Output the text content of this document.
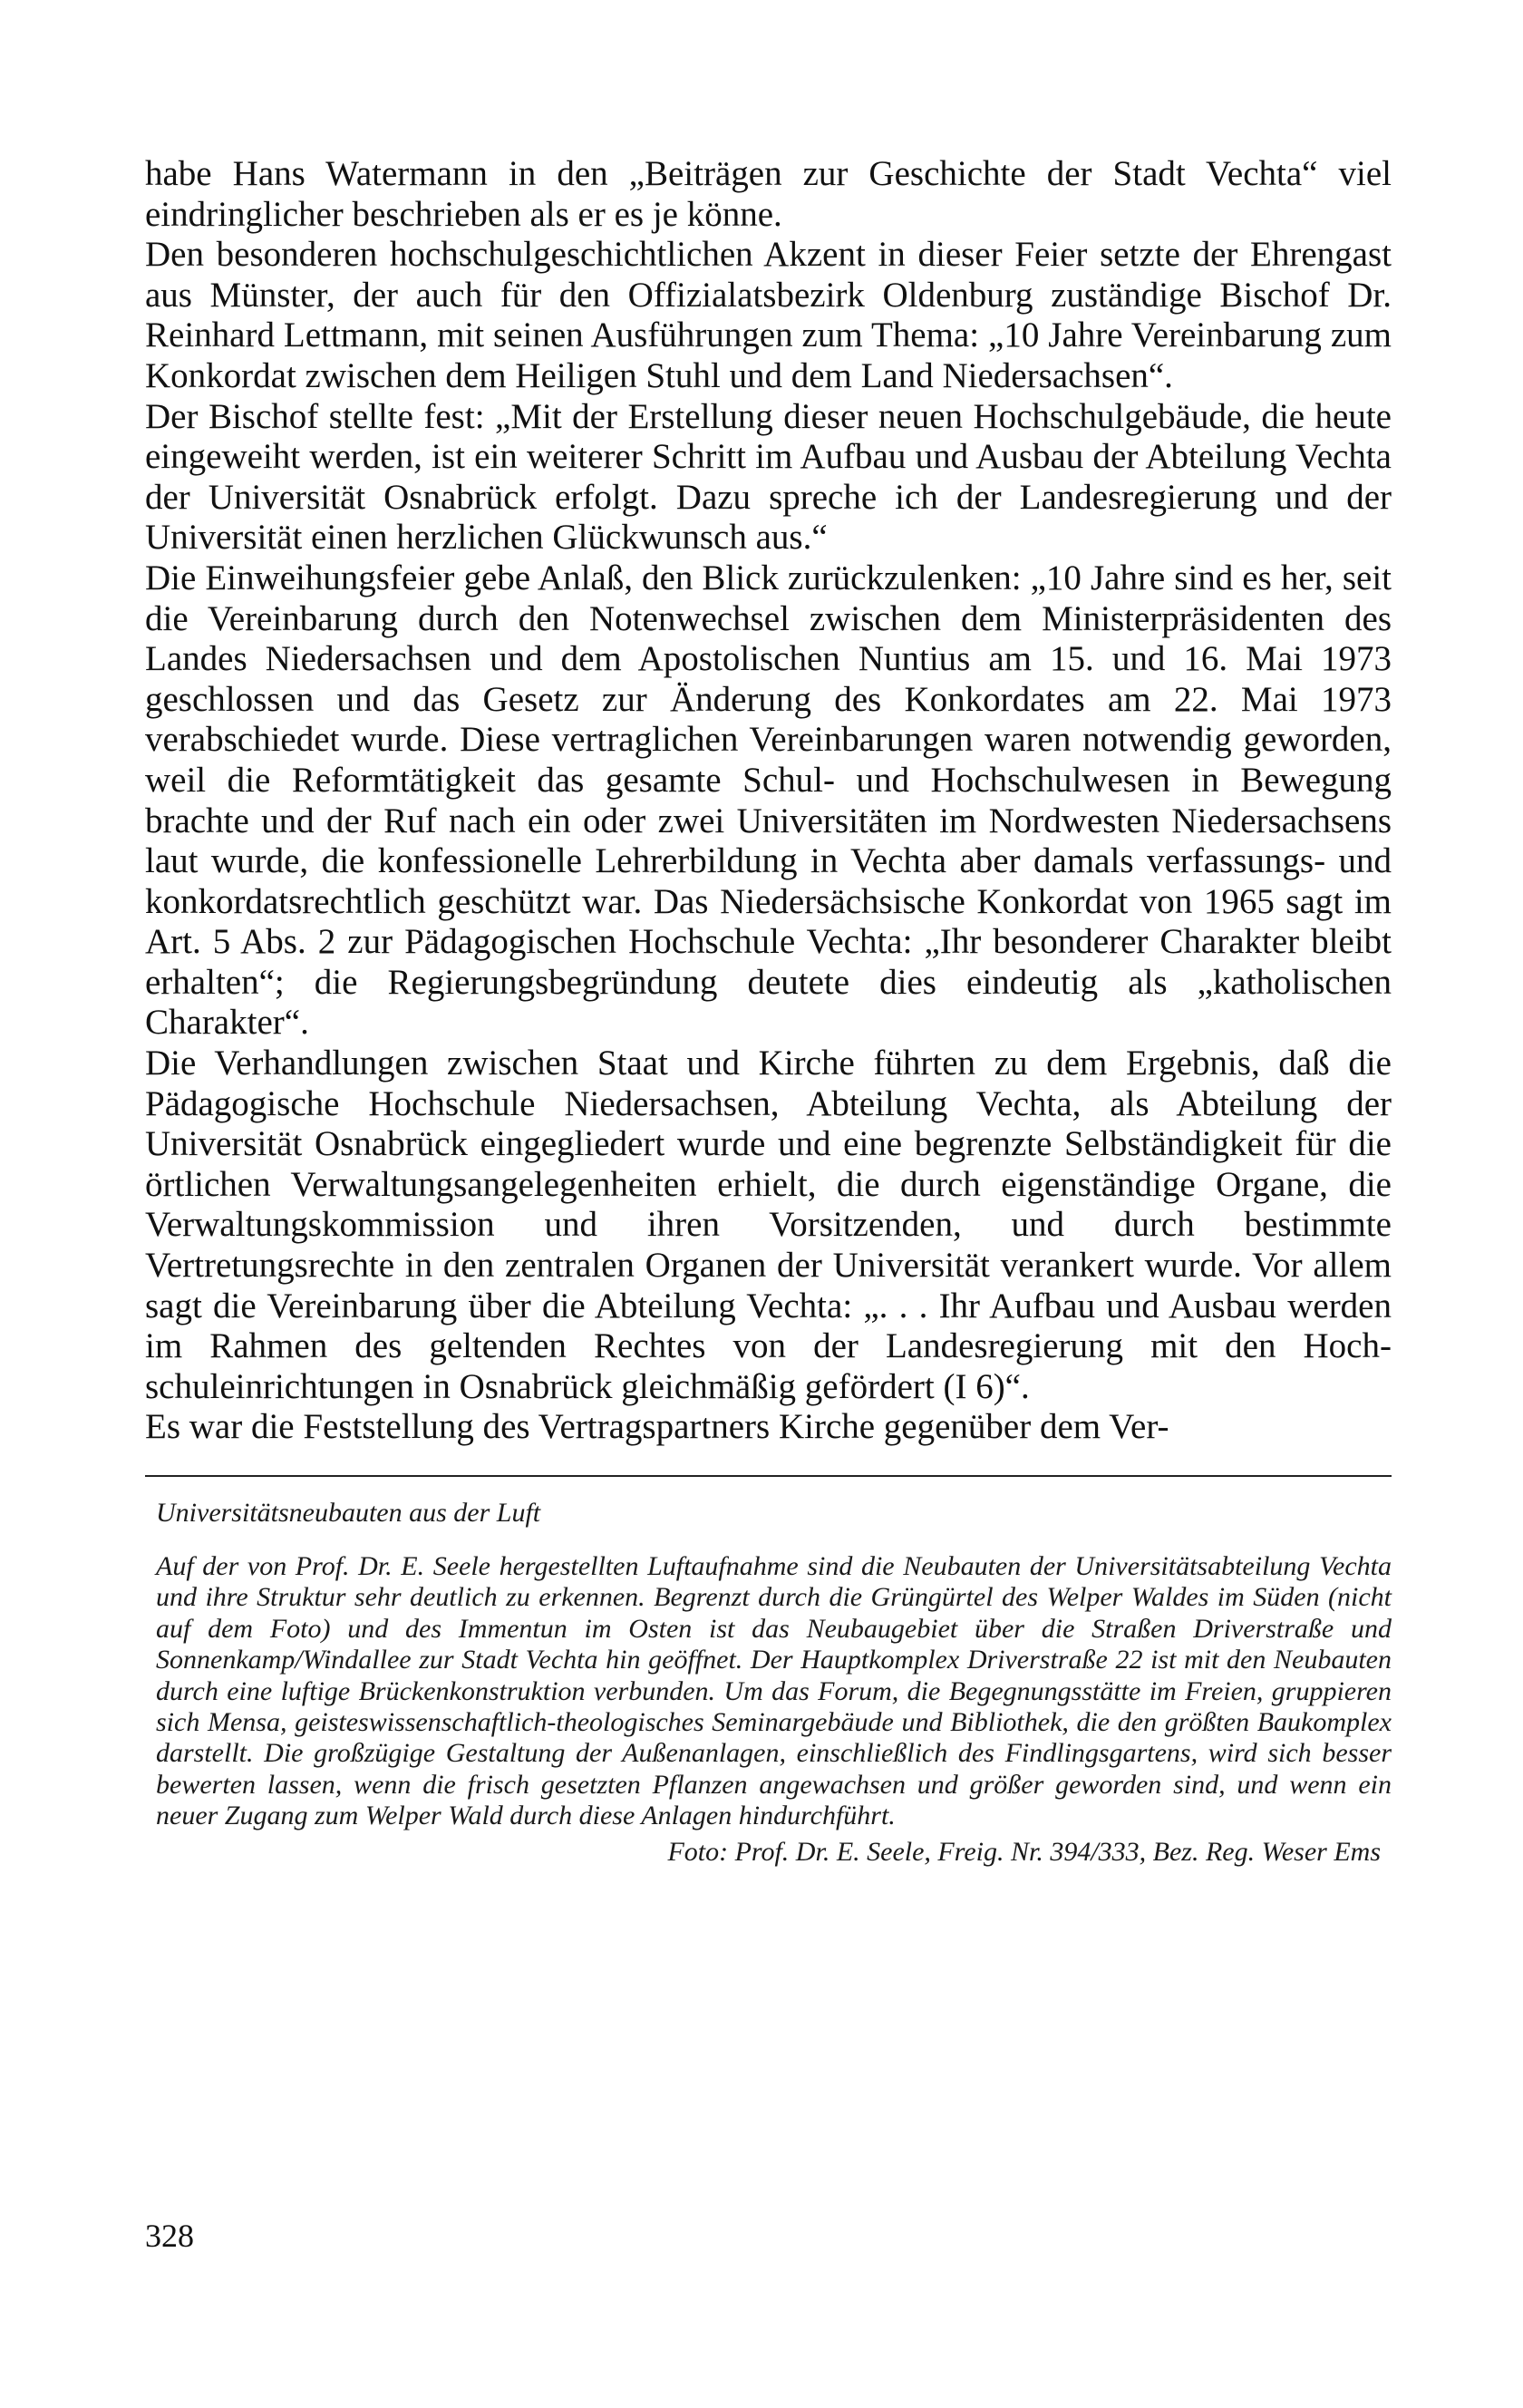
habe Hans Watermann in den „Beiträgen zur Geschichte der Stadt Vechta“ viel eindringlicher beschrieben als er es je könne.

Den besonderen hochschulgeschichtlichen Akzent in dieser Feier setzte der Ehrengast aus Münster, der auch für den Offizialatsbezirk Oldenburg zuständige Bischof Dr. Reinhard Lettmann, mit seinen Ausführungen zum Thema: „10 Jahre Vereinbarung zum Konkordat zwischen dem Heiligen Stuhl und dem Land Niedersachsen“.

Der Bischof stellte fest: „Mit der Erstellung dieser neuen Hochschulgebäude, die heute eingeweiht werden, ist ein weiterer Schritt im Aufbau und Ausbau der Abteilung Vechta der Universität Osnabrück erfolgt. Dazu spreche ich der Landesregierung und der Universität einen herzlichen Glückwunsch aus.“

Die Einweihungsfeier gebe Anlaß, den Blick zurückzulenken: „10 Jahre sind es her, seit die Vereinbarung durch den Notenwechsel zwischen dem Ministerpräsidenten des Landes Niedersachsen und dem Apostolischen Nuntius am 15. und 16. Mai 1973 geschlossen und das Gesetz zur Änderung des Konkordates am 22. Mai 1973 verabschiedet wurde. Diese vertraglichen Vereinbarungen waren notwendig geworden, weil die Reformtätigkeit das gesamte Schul- und Hochschulwesen in Bewegung brachte und der Ruf nach ein oder zwei Universitäten im Nordwesten Niedersachsens laut wurde, die konfessionelle Lehrerbildung in Vechta aber damals verfassungs- und konkordatsrechtlich geschützt war. Das Niedersächsische Konkordat von 1965 sagt im Art. 5 Abs. 2 zur Pädagogischen Hochschule Vechta: „Ihr besonderer Charakter bleibt erhalten“; die Regierungsbegründung deutete dies eindeutig als „katholischen Charakter“.

Die Verhandlungen zwischen Staat und Kirche führten zu dem Ergebnis, daß die Pädagogische Hochschule Niedersachsen, Abteilung Vechta, als Abteilung der Universität Osnabrück eingegliedert wurde und eine begrenzte Selbständigkeit für die örtlichen Verwaltungsangelegenheiten erhielt, die durch eigenständige Organe, die Verwaltungskommission und ihren Vorsitzenden, und durch bestimmte Vertretungsrechte in den zentralen Organen der Universität verankert wurde. Vor allem sagt die Vereinbarung über die Abteilung Vechta: „. . . Ihr Aufbau und Ausbau werden im Rahmen des geltenden Rechtes von der Landesregierung mit den Hochschuleinrichtungen in Osnabrück gleichmäßig gefördert (I 6)“.

Es war die Feststellung des Vertragspartners Kirche gegenüber dem Ver-

Universitätsneubauten aus der Luft
Auf der von Prof. Dr. E. Seele hergestellten Luftaufnahme sind die Neubauten der Universitätsabteilung Vechta und ihre Struktur sehr deutlich zu erkennen. Begrenzt durch die Grüngürtel des Welper Waldes im Süden (nicht auf dem Foto) und des Immentun im Osten ist das Neubaugebiet über die Straßen Driverstraße und Sonnenkamp/Windallee zur Stadt Vechta hin geöffnet. Der Hauptkomplex Driverstraße 22 ist mit den Neubauten durch eine luftige Brückenkonstruktion verbunden. Um das Forum, die Begegnungsstätte im Freien, gruppieren sich Mensa, geisteswissenschaftlich-theologisches Seminargebäude und Bibliothek, die den größten Baukomplex darstellt. Die großzügige Gestaltung der Außenanlagen, einschließlich des Findlingsgartens, wird sich besser bewerten lassen, wenn die frisch gesetzten Pflanzen angewachsen und größer geworden sind, und wenn ein neuer Zugang zum Welper Wald durch diese Anlagen hindurchführt.
Foto: Prof. Dr. E. Seele, Freig. Nr. 394/333, Bez. Reg. Weser Ems
328
